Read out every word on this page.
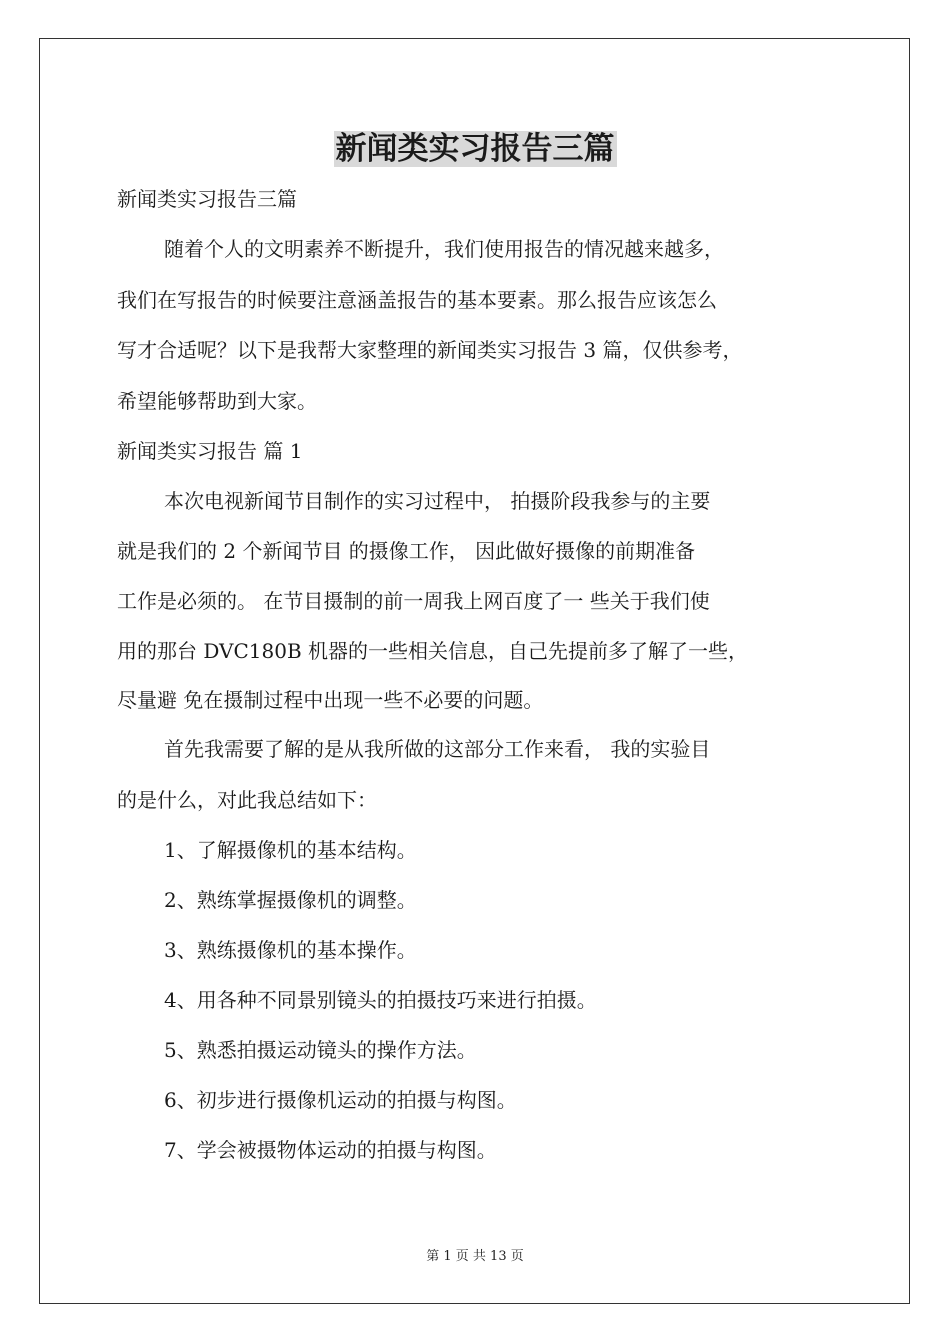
新闻类实习报告三篇
新闻类实习报告三篇
随着个人的文明素养不断提升，我们使用报告的情况越来越多，
我们在写报告的时候要注意涵盖报告的基本要素。那么报告应该怎么
写才合适呢？以下是我帮大家整理的新闻类实习报告 3 篇，仅供参考，
希望能够帮助到大家。
新闻类实习报告 篇 1
本次电视新闻节目制作的实习过程中， 拍摄阶段我参与的主要
就是我们的 2 个新闻节目 的摄像工作， 因此做好摄像的前期准备
工作是必须的。 在节目摄制的前一周我上网百度了一 些关于我们使
用的那台 DVC180B 机器的一些相关信息，自己先提前多了解了一些，
尽量避 免在摄制过程中出现一些不必要的问题。
首先我需要了解的是从我所做的这部分工作来看， 我的实验目
的是什么，对此我总结如下：
1、了解摄像机的基本结构。
2、熟练掌握摄像机的调整。
3、熟练摄像机的基本操作。
4、用各种不同景别镜头的拍摄技巧来进行拍摄。
5、熟悉拍摄运动镜头的操作方法。
6、初步进行摄像机运动的拍摄与构图。
7、学会被摄物体运动的拍摄与构图。
第 1 页 共 13 页
